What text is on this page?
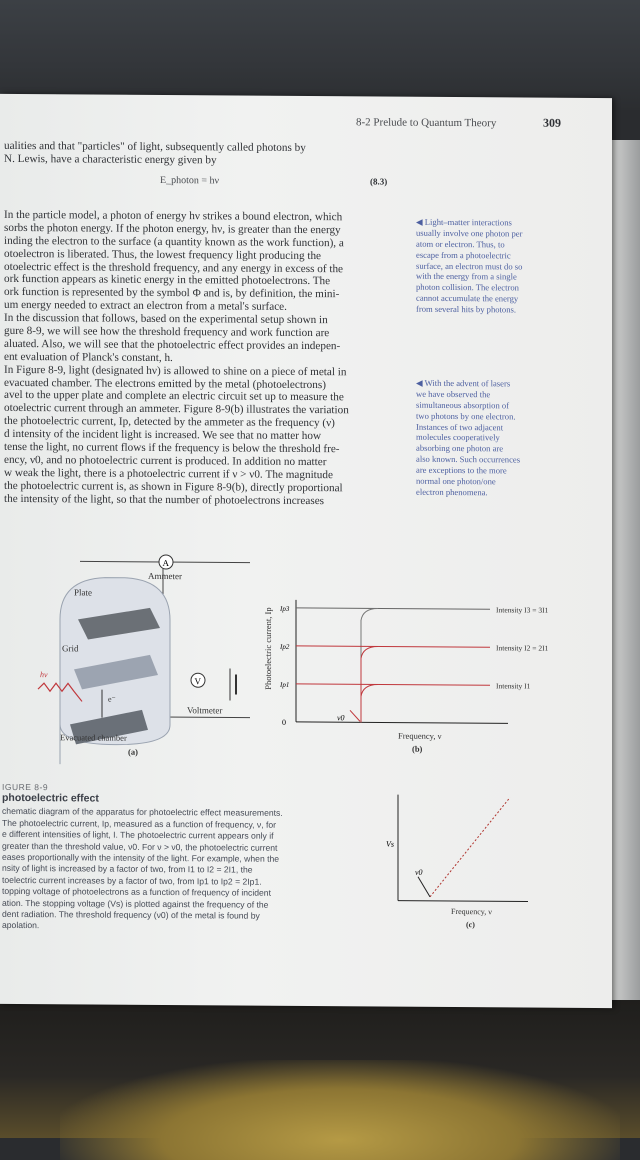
8-2 Prelude to Quantum Theory	309
ualities and that "particles" of light, subsequently called photons by
N. Lewis, have a characteristic energy given by
E_photon = hν	(8.3)
In the particle model, a photon of energy hν strikes a bound electron, which
sorbs the photon energy. If the photon energy, hν, is greater than the energy
inding the electron to the surface (a quantity known as the work function), a
otoelectron is liberated. Thus, the lowest frequency light producing the
otoelectric effect is the threshold frequency, and any energy in excess of the
ork function appears as kinetic energy in the emitted photoelectrons. The
ork function is represented by the symbol Φ and is, by definition, the mini-
um energy needed to extract an electron from a metal's surface.
In the discussion that follows, based on the experimental setup shown in
gure 8-9, we will see how the threshold frequency and work function are
aluated. Also, we will see that the photoelectric effect provides an indepen-
ent evaluation of Planck's constant, h.
In Figure 8-9, light (designated hν) is allowed to shine on a piece of metal in
evacuated chamber. The electrons emitted by the metal (photoelectrons)
avel to the upper plate and complete an electric circuit set up to measure the
otoelectric current through an ammeter. Figure 8-9(b) illustrates the variation
the photoelectric current, Ip, detected by the ammeter as the frequency (ν)
d intensity of the incident light is increased. We see that no matter how
tense the light, no current flows if the frequency is below the threshold fre-
ency, ν0, and no photoelectric current is produced. In addition no matter
w weak the light, there is a photoelectric current if ν > ν0. The magnitude
the photoelectric current is, as shown in Figure 8-9(b), directly proportional
the intensity of the light, so that the number of photoelectrons increases
◀ Light–matter interactions
usually involve one photon per
atom or electron. Thus, to
escape from a photoelectric
surface, an electron must do so
with the energy from a single
photon collision. The electron
cannot accumulate the energy
from several hits by photons.
◀ With the advent of lasers
we have observed the
simultaneous absorption of
two photons by one electron.
Instances of two adjacent
molecules cooperatively
absorbing one photon are
also known. Such occurrences
are exceptions to the more
normal one photon/one
electron phenomena.
A
Ammeter
Plate
Grid
hν
e⁻
V
Voltmeter
Evacuated chamber
(a)
Photoelectric current, Ip
0
ν0
Frequency, ν
(b)
Ip3	Intensity I3 = 3I1
Ip2	Intensity I2 = 2I1
Ip1	Intensity I1
Vs
ν0
Frequency, ν
(c)
IGURE 8-9
photoelectric effect
chematic diagram of the apparatus for photoelectric effect measurements.
The photoelectric current, Ip, measured as a function of frequency, ν, for
e different intensities of light, I. The photoelectric current appears only if
greater than the threshold value, ν0. For ν > ν0, the photoelectric current
eases proportionally with the intensity of the light. For example, when the
nsity of light is increased by a factor of two, from I1 to I2 = 2I1, the
toelectric current increases by a factor of two, from Ip1 to Ip2 = 2Ip1.
topping voltage of photoelectrons as a function of frequency of incident
ation. The stopping voltage (Vs) is plotted against the frequency of the
dent radiation. The threshold frequency (ν0) of the metal is found by
apolation.
